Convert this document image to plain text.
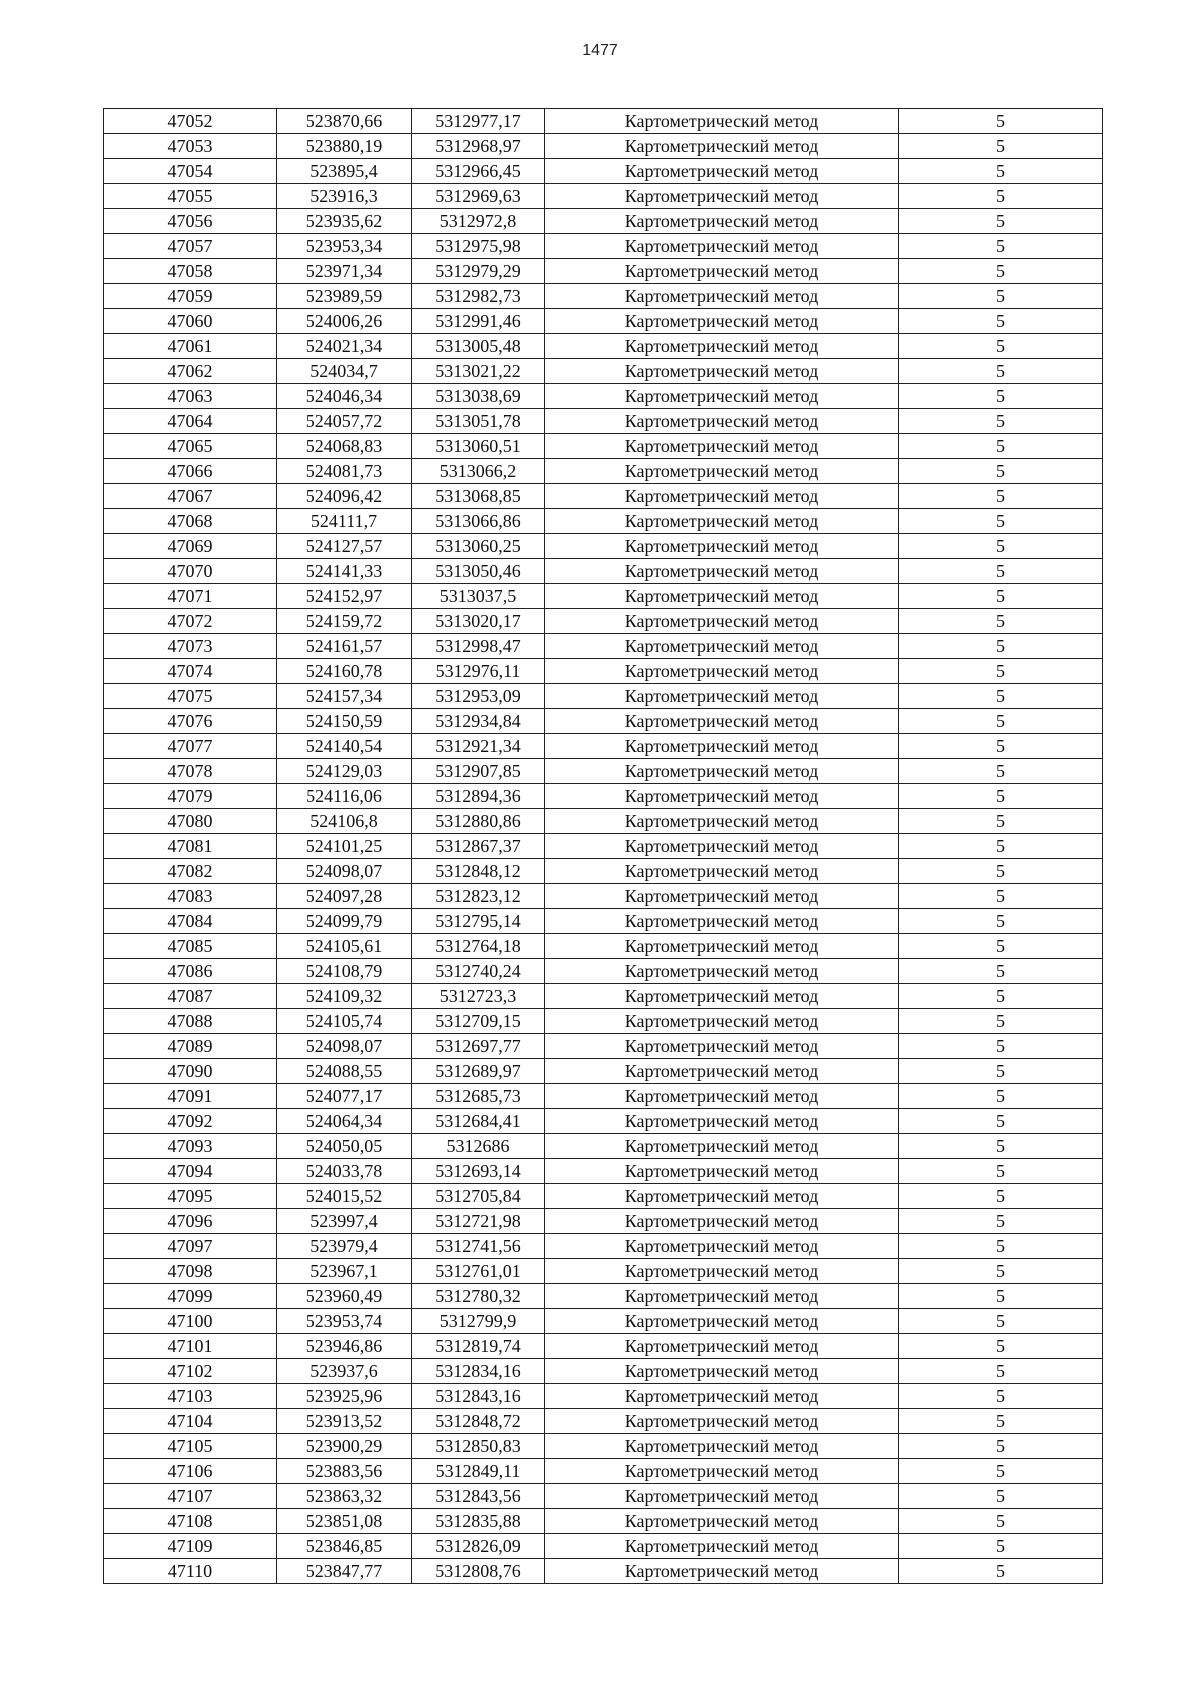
1477
47052	523870,66	5312977,17	Картометрический метод	5
47053	523880,19	5312968,97	Картометрический метод	5
47054	523895,4	5312966,45	Картометрический метод	5
47055	523916,3	5312969,63	Картометрический метод	5
47056	523935,62	5312972,8	Картометрический метод	5
47057	523953,34	5312975,98	Картометрический метод	5
47058	523971,34	5312979,29	Картометрический метод	5
47059	523989,59	5312982,73	Картометрический метод	5
47060	524006,26	5312991,46	Картометрический метод	5
47061	524021,34	5313005,48	Картометрический метод	5
47062	524034,7	5313021,22	Картометрический метод	5
47063	524046,34	5313038,69	Картометрический метод	5
47064	524057,72	5313051,78	Картометрический метод	5
47065	524068,83	5313060,51	Картометрический метод	5
47066	524081,73	5313066,2	Картометрический метод	5
47067	524096,42	5313068,85	Картометрический метод	5
47068	524111,7	5313066,86	Картометрический метод	5
47069	524127,57	5313060,25	Картометрический метод	5
47070	524141,33	5313050,46	Картометрический метод	5
47071	524152,97	5313037,5	Картометрический метод	5
47072	524159,72	5313020,17	Картометрический метод	5
47073	524161,57	5312998,47	Картометрический метод	5
47074	524160,78	5312976,11	Картометрический метод	5
47075	524157,34	5312953,09	Картометрический метод	5
47076	524150,59	5312934,84	Картометрический метод	5
47077	524140,54	5312921,34	Картометрический метод	5
47078	524129,03	5312907,85	Картометрический метод	5
47079	524116,06	5312894,36	Картометрический метод	5
47080	524106,8	5312880,86	Картометрический метод	5
47081	524101,25	5312867,37	Картометрический метод	5
47082	524098,07	5312848,12	Картометрический метод	5
47083	524097,28	5312823,12	Картометрический метод	5
47084	524099,79	5312795,14	Картометрический метод	5
47085	524105,61	5312764,18	Картометрический метод	5
47086	524108,79	5312740,24	Картометрический метод	5
47087	524109,32	5312723,3	Картометрический метод	5
47088	524105,74	5312709,15	Картометрический метод	5
47089	524098,07	5312697,77	Картометрический метод	5
47090	524088,55	5312689,97	Картометрический метод	5
47091	524077,17	5312685,73	Картометрический метод	5
47092	524064,34	5312684,41	Картометрический метод	5
47093	524050,05	5312686	Картометрический метод	5
47094	524033,78	5312693,14	Картометрический метод	5
47095	524015,52	5312705,84	Картометрический метод	5
47096	523997,4	5312721,98	Картометрический метод	5
47097	523979,4	5312741,56	Картометрический метод	5
47098	523967,1	5312761,01	Картометрический метод	5
47099	523960,49	5312780,32	Картометрический метод	5
47100	523953,74	5312799,9	Картометрический метод	5
47101	523946,86	5312819,74	Картометрический метод	5
47102	523937,6	5312834,16	Картометрический метод	5
47103	523925,96	5312843,16	Картометрический метод	5
47104	523913,52	5312848,72	Картометрический метод	5
47105	523900,29	5312850,83	Картометрический метод	5
47106	523883,56	5312849,11	Картометрический метод	5
47107	523863,32	5312843,56	Картометрический метод	5
47108	523851,08	5312835,88	Картометрический метод	5
47109	523846,85	5312826,09	Картометрический метод	5
47110	523847,77	5312808,76	Картометрический метод	5
